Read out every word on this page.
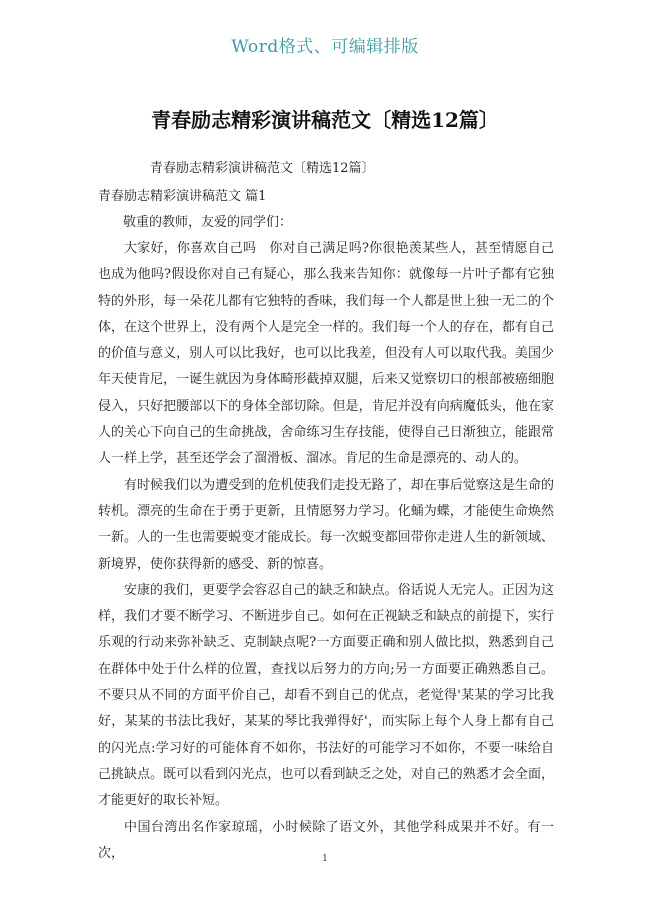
Word格式、可编辑排版
青春励志精彩演讲稿范文〔精选12篇〕
青春励志精彩演讲稿范文〔精选12篇〕
青春励志精彩演讲稿范文 篇1
敬重的教师，友爱的同学们：

大家好，你喜欢自己吗　你对自己满足吗?你很艳羡某些人，甚至情愿自己也成为他吗?假设你对自己有疑心，那么我来告知你：就像每一片叶子都有它独特的外形，每一朵花儿都有它独特的香味，我们每一个人都是世上独一无二的个体，在这个世界上，没有两个人是完全一样的。我们每一个人的存在，都有自己的价值与意义，别人可以比我好，也可以比我差，但没有人可以取代我。美国少年天使肯尼，一诞生就因为身体畸形截掉双腿，后来又觉察切口的根部被癌细胞侵入，只好把腰部以下的身体全部切除。但是，肯尼并没有向病魔低头，他在家人的关心下向自己的生命挑战，舍命练习生存技能，使得自己日渐独立，能跟常人一样上学，甚至还学会了溜滑板、溜冰。肯尼的生命是漂亮的、动人的。

有时候我们以为遭受到的危机使我们走投无路了，却在事后觉察这是生命的转机。漂亮的生命在于勇于更新，且情愿努力学习。化蛹为蝶，才能使生命焕然一新。人的一生也需要蜕变才能成长。每一次蜕变都回带你走进人生的新领域、新境界，使你获得新的感受、新的惊喜。

安康的我们，更要学会容忍自己的缺乏和缺点。俗话说人无完人。正因为这样，我们才要不断学习、不断进步自己。如何在正视缺乏和缺点的前提下，实行乐观的行动来弥补缺乏、克制缺点呢?一方面要正确和别人做比拟，熟悉到自己在群体中处于什么样的位置，查找以后努力的方向;另一方面要正确熟悉自己。不要只从不同的方面平价自己，却看不到自己的优点，老觉得'某某的学习比我好，某某的书法比我好，某某的琴比我弹得好'，而实际上每个人身上都有自己的闪光点:学习好的可能体育不如你，书法好的可能学习不如你，不要一味给自己挑缺点。既可以看到闪光点，也可以看到缺乏之处，对自己的熟悉才会全面，才能更好的取长补短。

中国台湾出名作家琼瑶，小时候除了语文外，其他学科成果并不好。有一次，	1
